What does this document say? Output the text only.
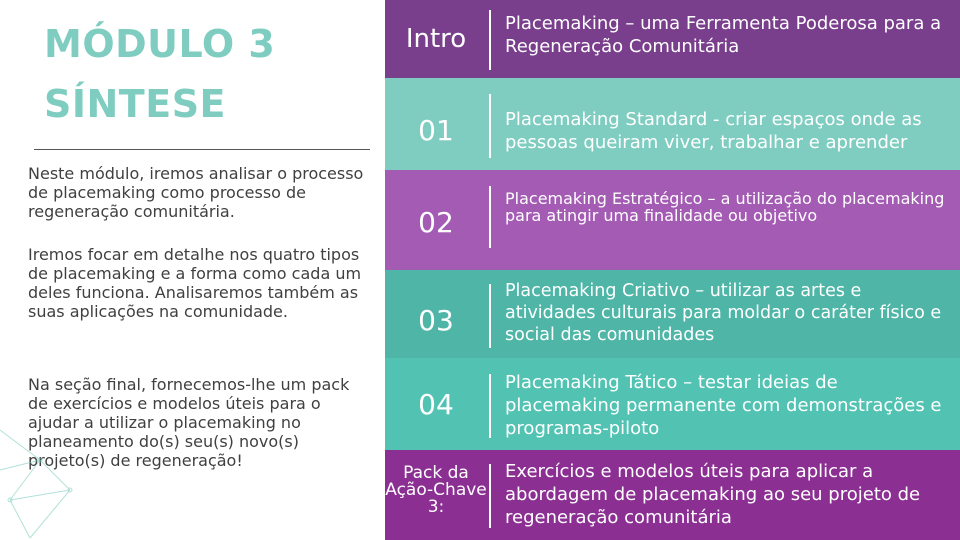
MÓDULO 3
SÍNTESE
Neste módulo, iremos analisar o processo de placemaking como processo de regeneração comunitária.
Iremos focar em detalhe nos quatro tipos de placemaking e a forma como cada um deles funciona. Analisaremos também as suas aplicações na comunidade.
Na seção final, fornecemos-lhe um pack de exercícios e modelos úteis para o ajudar a utilizar o placemaking no planeamento do(s) seu(s) novo(s) projeto(s) de regeneração!
Intro
Placemaking – uma Ferramenta Poderosa para a Regeneração Comunitária
01	Placemaking Standard - criar espaços onde as pessoas queiram viver, trabalhar e aprender
02
Placemaking Estratégico – a utilização do placemaking para atingir uma finalidade ou objetivo
03
Placemaking Criativo – utilizar as artes e atividades culturais para moldar o caráter físico e social das comunidades
04
Placemaking Tático – testar ideias de placemaking permanente com demonstrações e programas-piloto
Pack da Ação-Chave 3:
Exercícios e modelos úteis para aplicar a abordagem de placemaking ao seu projeto de regeneração comunitária
